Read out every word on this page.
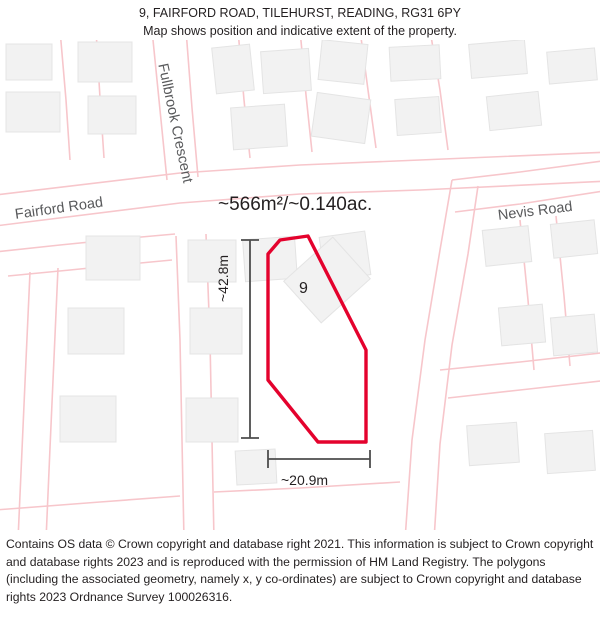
9, FAIRFORD ROAD, TILEHURST, READING, RG31 6PY
Map shows position and indicative extent of the property.
~566m²/~0.140ac.
9
~42.8m
~20.9m
Fairford Road
Fullbrook Crescent
Nevis Road
Contains OS data © Crown copyright and database right 2021. This information is subject to Crown copyright and database rights 2023 and is reproduced with the permission of HM Land Registry. The polygons (including the associated geometry, namely x, y co-ordinates) are subject to Crown copyright and database rights 2023 Ordnance Survey 100026316.
